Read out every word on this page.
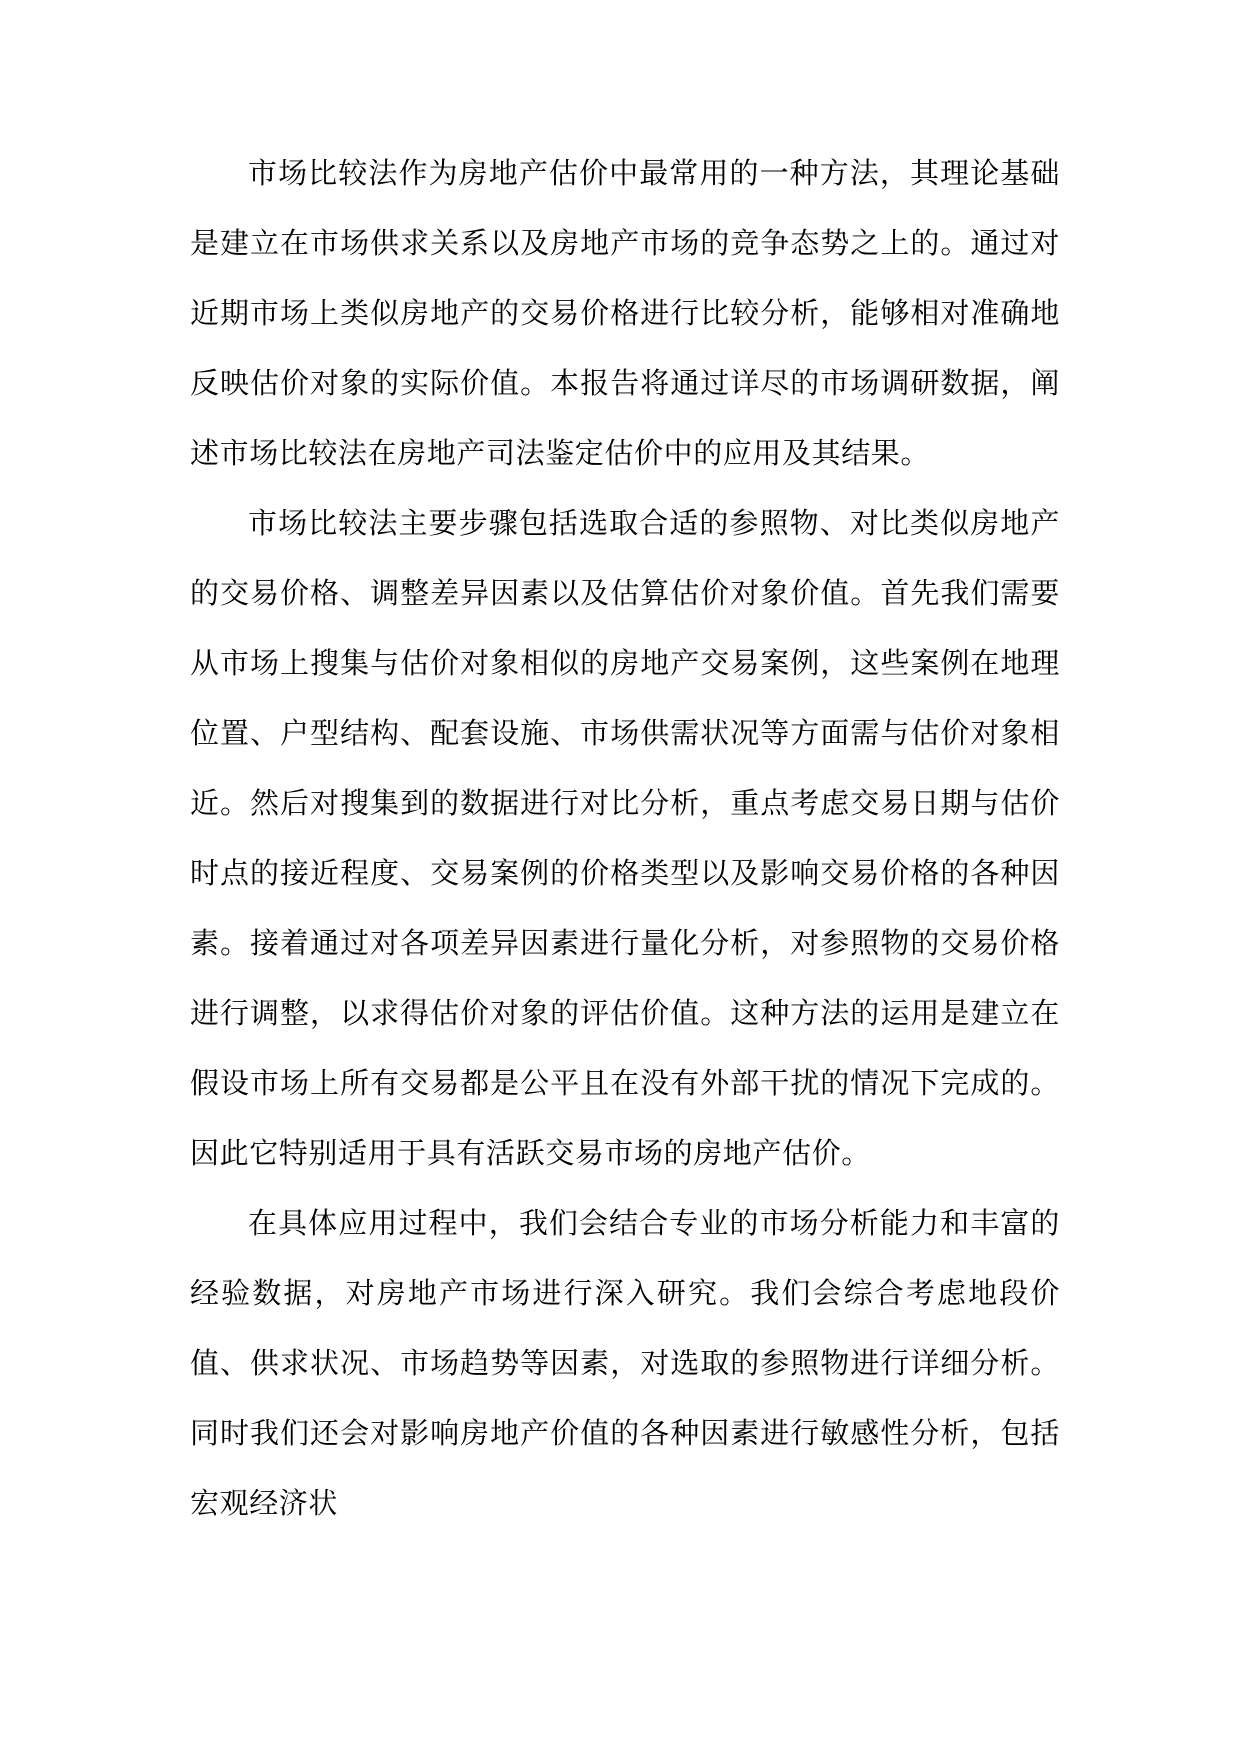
市场比较法作为房地产估价中最常用的一种方法，其理论基础是建立在市场供求关系以及房地产市场的竞争态势之上的。通过对近期市场上类似房地产的交易价格进行比较分析，能够相对准确地反映估价对象的实际价值。本报告将通过详尽的市场调研数据，阐述市场比较法在房地产司法鉴定估价中的应用及其结果。

市场比较法主要步骤包括选取合适的参照物、对比类似房地产的交易价格、调整差异因素以及估算估价对象价值。首先我们需要从市场上搜集与估价对象相似的房地产交易案例，这些案例在地理位置、户型结构、配套设施、市场供需状况等方面需与估价对象相近。然后对搜集到的数据进行对比分析，重点考虑交易日期与估价时点的接近程度、交易案例的价格类型以及影响交易价格的各种因素。接着通过对各项差异因素进行量化分析，对参照物的交易价格进行调整，以求得估价对象的评估价值。这种方法的运用是建立在假设市场上所有交易都是公平且在没有外部干扰的情况下完成的。因此它特别适用于具有活跃交易市场的房地产估价。

在具体应用过程中，我们会结合专业的市场分析能力和丰富的经验数据，对房地产市场进行深入研究。我们会综合考虑地段价值、供求状况、市场趋势等因素，对选取的参照物进行详细分析。同时我们还会对影响房地产价值的各种因素进行敏感性分析，包括宏观经济状
